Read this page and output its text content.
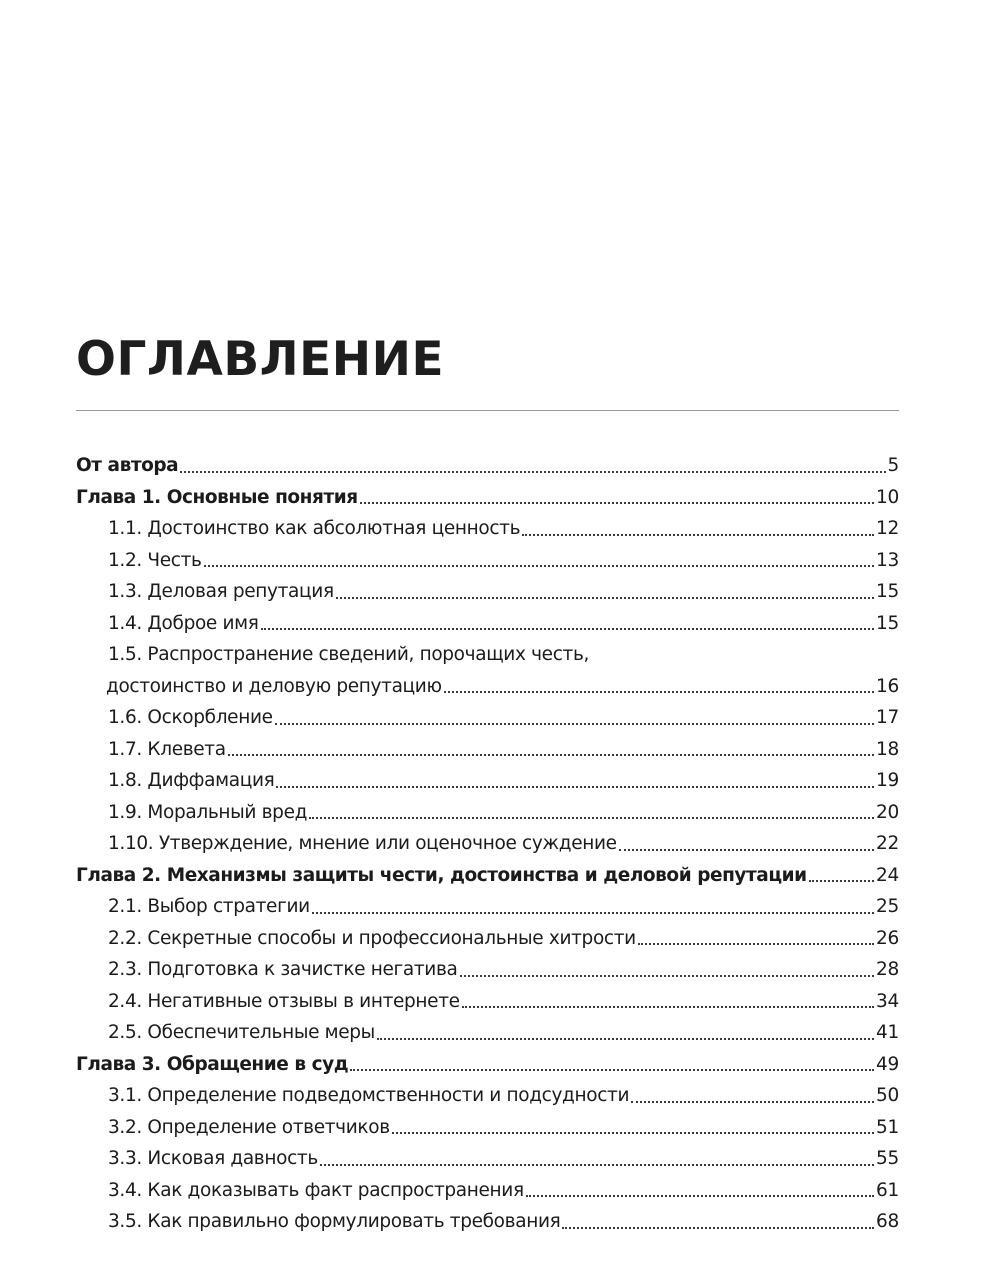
ОГЛАВЛЕНИЕ
От автора	5
Глава 1. Основные понятия	10
1.1. Достоинство как абсолютная ценность	12
1.2. Честь	13
1.3. Деловая репутация	15
1.4. Доброе имя	15
1.5. Распространение сведений, порочащих честь,
достоинство и деловую репутацию	16
1.6. Оскорбление	17
1.7. Клевета	18
1.8. Диффамация	19
1.9. Моральный вред	20
1.10. Утверждение, мнение или оценочное суждение	22
Глава 2. Механизмы защиты чести, достоинства и деловой репутации	24
2.1. Выбор стратегии	25
2.2. Секретные способы и профессиональные хитрости	26
2.3. Подготовка к зачистке негатива	28
2.4. Негативные отзывы в интернете	34
2.5. Обеспечительные меры	41
Глава 3. Обращение в суд	49
3.1. Определение подведомственности и подсудности	50
3.2. Определение ответчиков	51
3.3. Исковая давность	55
3.4. Как доказывать факт распространения	61
3.5. Как правильно формулировать требования	68
